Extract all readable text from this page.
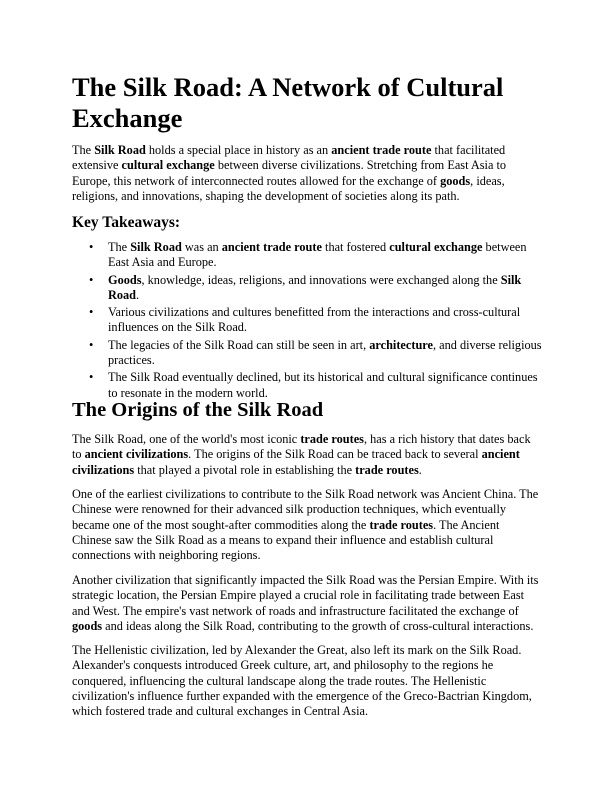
The Silk Road: A Network of Cultural Exchange

The Silk Road holds a special place in history as an ancient trade route that facilitated extensive cultural exchange between diverse civilizations. Stretching from East Asia to Europe, this network of interconnected routes allowed for the exchange of goods, ideas, religions, and innovations, shaping the development of societies along its path.

Key Takeaways:
• The Silk Road was an ancient trade route that fostered cultural exchange between East Asia and Europe.
• Goods, knowledge, ideas, religions, and innovations were exchanged along the Silk Road.
• Various civilizations and cultures benefitted from the interactions and cross-cultural influences on the Silk Road.
• The legacies of the Silk Road can still be seen in art, architecture, and diverse religious practices.
• The Silk Road eventually declined, but its historical and cultural significance continues to resonate in the modern world.
The Origins of the Silk Road

The Silk Road, one of the world's most iconic trade routes, has a rich history that dates back to ancient civilizations. The origins of the Silk Road can be traced back to several ancient civilizations that played a pivotal role in establishing the trade routes.

One of the earliest civilizations to contribute to the Silk Road network was Ancient China. The Chinese were renowned for their advanced silk production techniques, which eventually became one of the most sought-after commodities along the trade routes. The Ancient Chinese saw the Silk Road as a means to expand their influence and establish cultural connections with neighboring regions.

Another civilization that significantly impacted the Silk Road was the Persian Empire. With its strategic location, the Persian Empire played a crucial role in facilitating trade between East and West. The empire's vast network of roads and infrastructure facilitated the exchange of goods and ideas along the Silk Road, contributing to the growth of cross-cultural interactions.

The Hellenistic civilization, led by Alexander the Great, also left its mark on the Silk Road. Alexander's conquests introduced Greek culture, art, and philosophy to the regions he conquered, influencing the cultural landscape along the trade routes. The Hellenistic civilization's influence further expanded with the emergence of the Greco-Bactrian Kingdom, which fostered trade and cultural exchanges in Central Asia.
